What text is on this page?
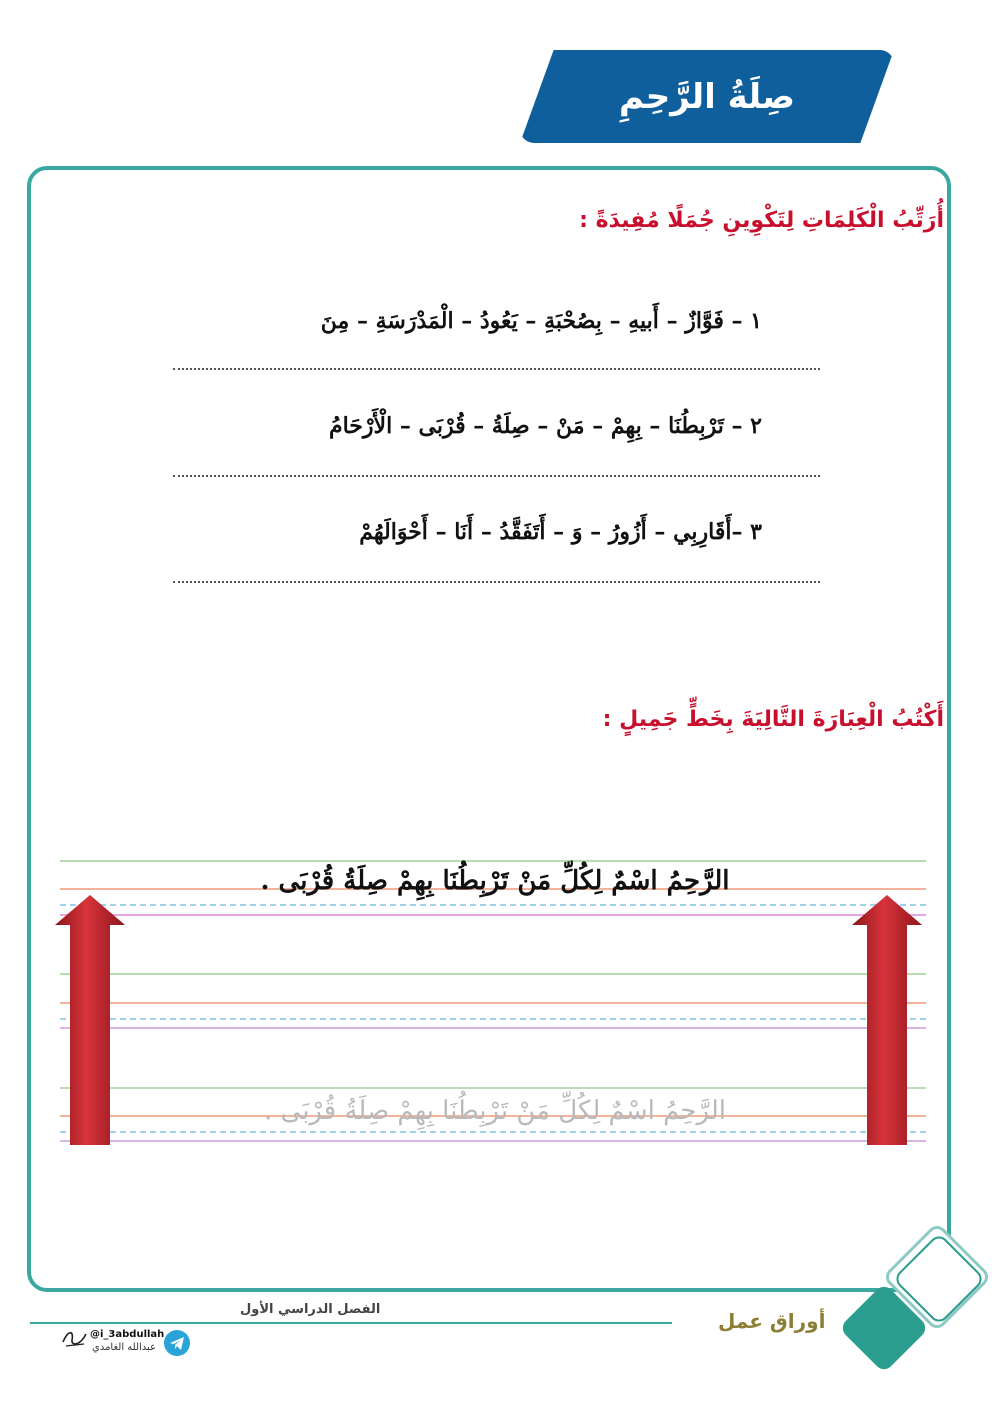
صِلَةُ الرَّحِمِ
أُرَتِّبُ الْكَلِمَاتِ لِتَكْوِينِ جُمَلًا مُفِيدَةً :
١ – فَوَّازٌ – أَبيهِ – بِصُحْبَةِ – يَعُودُ – الْمَدْرَسَةِ – مِنَ
٢ – تَرْبِطُنَا – بِهِمْ – مَنْ – صِلَةُ – قُرْبَى – الْأَرْحَامُ
٣ –أَقَارِبِي – أَزُورُ – وَ – أَتَفَقَّدُ – أَنَا – أَحْوَالَهُمْ
أَكْتُبُ الْعِبَارَةَ التَّالِيَةَ بِخَطٍّ جَمِيلٍ :
الرَّحِمُ اسْمٌ لِكُلِّ مَنْ تَرْبِطُنَا بِهِمْ صِلَةُ قُرْبَى .
الرَّحِمُ اسْمٌ لِكُلِّ مَنْ تَرْبِطُنَا بِهِمْ صِلَةُ قُرْبَى .
الفصل الدراسي الأول	أوراق عمل
@i_3abdullah
عبدالله الغامدي
